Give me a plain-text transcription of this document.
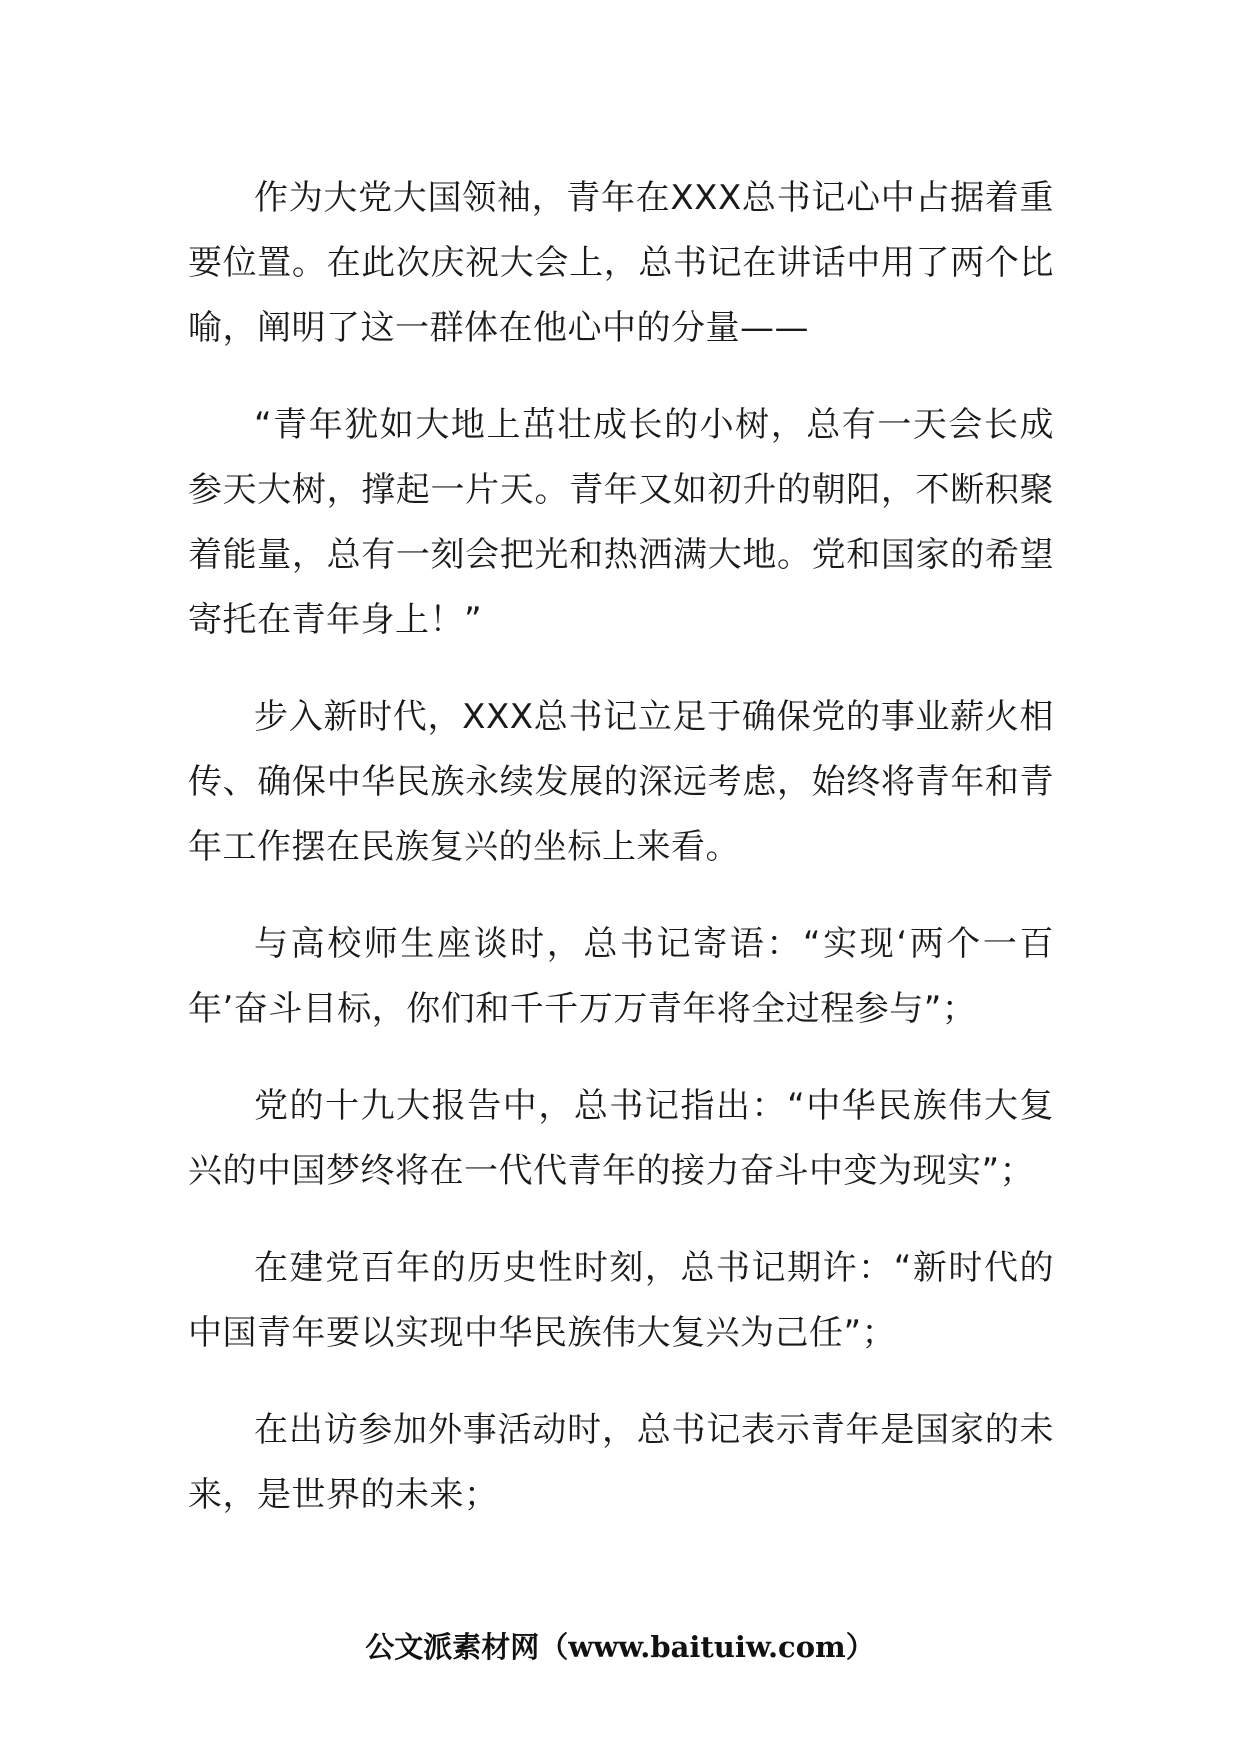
作为大党大国领袖，青年在XXX总书记心中占据着重要位置。在此次庆祝大会上，总书记在讲话中用了两个比喻，阐明了这一群体在他心中的分量——

“青年犹如大地上茁壮成长的小树，总有一天会长成参天大树，撑起一片天。青年又如初升的朝阳，不断积聚着能量，总有一刻会把光和热洒满大地。党和国家的希望寄托在青年身上！”

步入新时代，XXX总书记立足于确保党的事业薪火相传、确保中华民族永续发展的深远考虑，始终将青年和青年工作摆在民族复兴的坐标上来看。

与高校师生座谈时，总书记寄语：“实现‘两个一百年’奋斗目标，你们和千千万万青年将全过程参与”；

党的十九大报告中，总书记指出：“中华民族伟大复兴的中国梦终将在一代代青年的接力奋斗中变为现实”；

在建党百年的历史性时刻，总书记期许：“新时代的中国青年要以实现中华民族伟大复兴为己任”；

在出访参加外事活动时，总书记表示青年是国家的未来，是世界的未来；

公文派素材网（www.baituiw.com）
